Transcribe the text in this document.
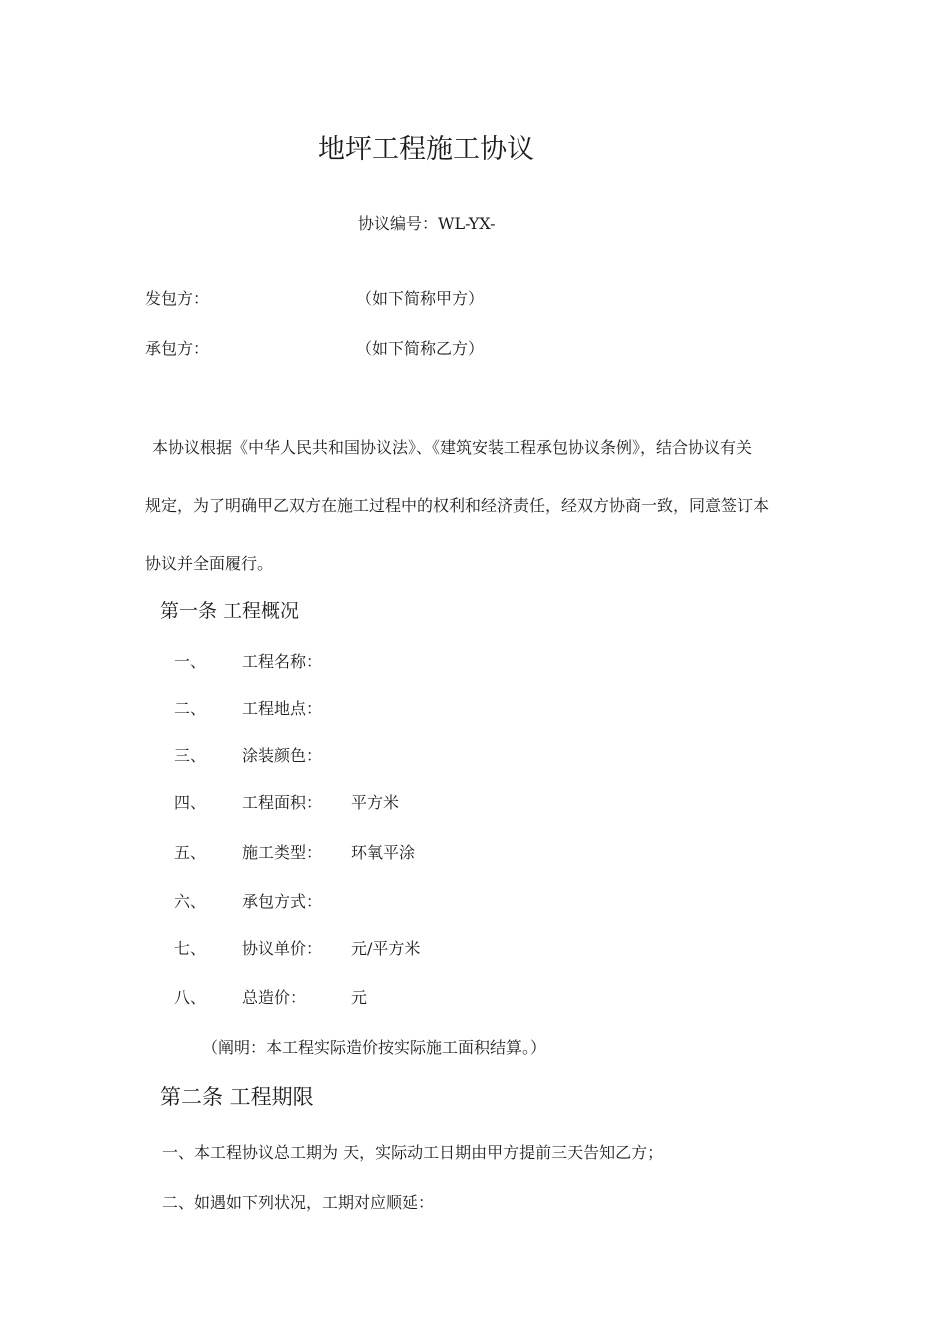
地坪工程施工协议
协议编号：WL-YX-
发包方：	（如下简称甲方）
承包方：	（如下简称乙方）
本协议根据《中华人民共和国协议法》、《建筑安装工程承包协议条例》，结合协议有关
规定，为了明确甲乙双方在施工过程中的权利和经济责任，经双方协商一致，同意签订本
协议并全面履行。
第一条 工程概况
一、 工程名称：
二、 工程地点：
三、 涂装颜色：
四、 工程面积： 平方米
五、 施工类型： 环氧平涂
六、 承包方式：
七、 协议单价： 元/平方米
八、 总造价：	元
（阐明：本工程实际造价按实际施工面积结算。）
第二条 工程期限
一、本工程协议总工期为 天，实际动工日期由甲方提前三天告知乙方；
二、如遇如下列状况，工期对应顺延：
